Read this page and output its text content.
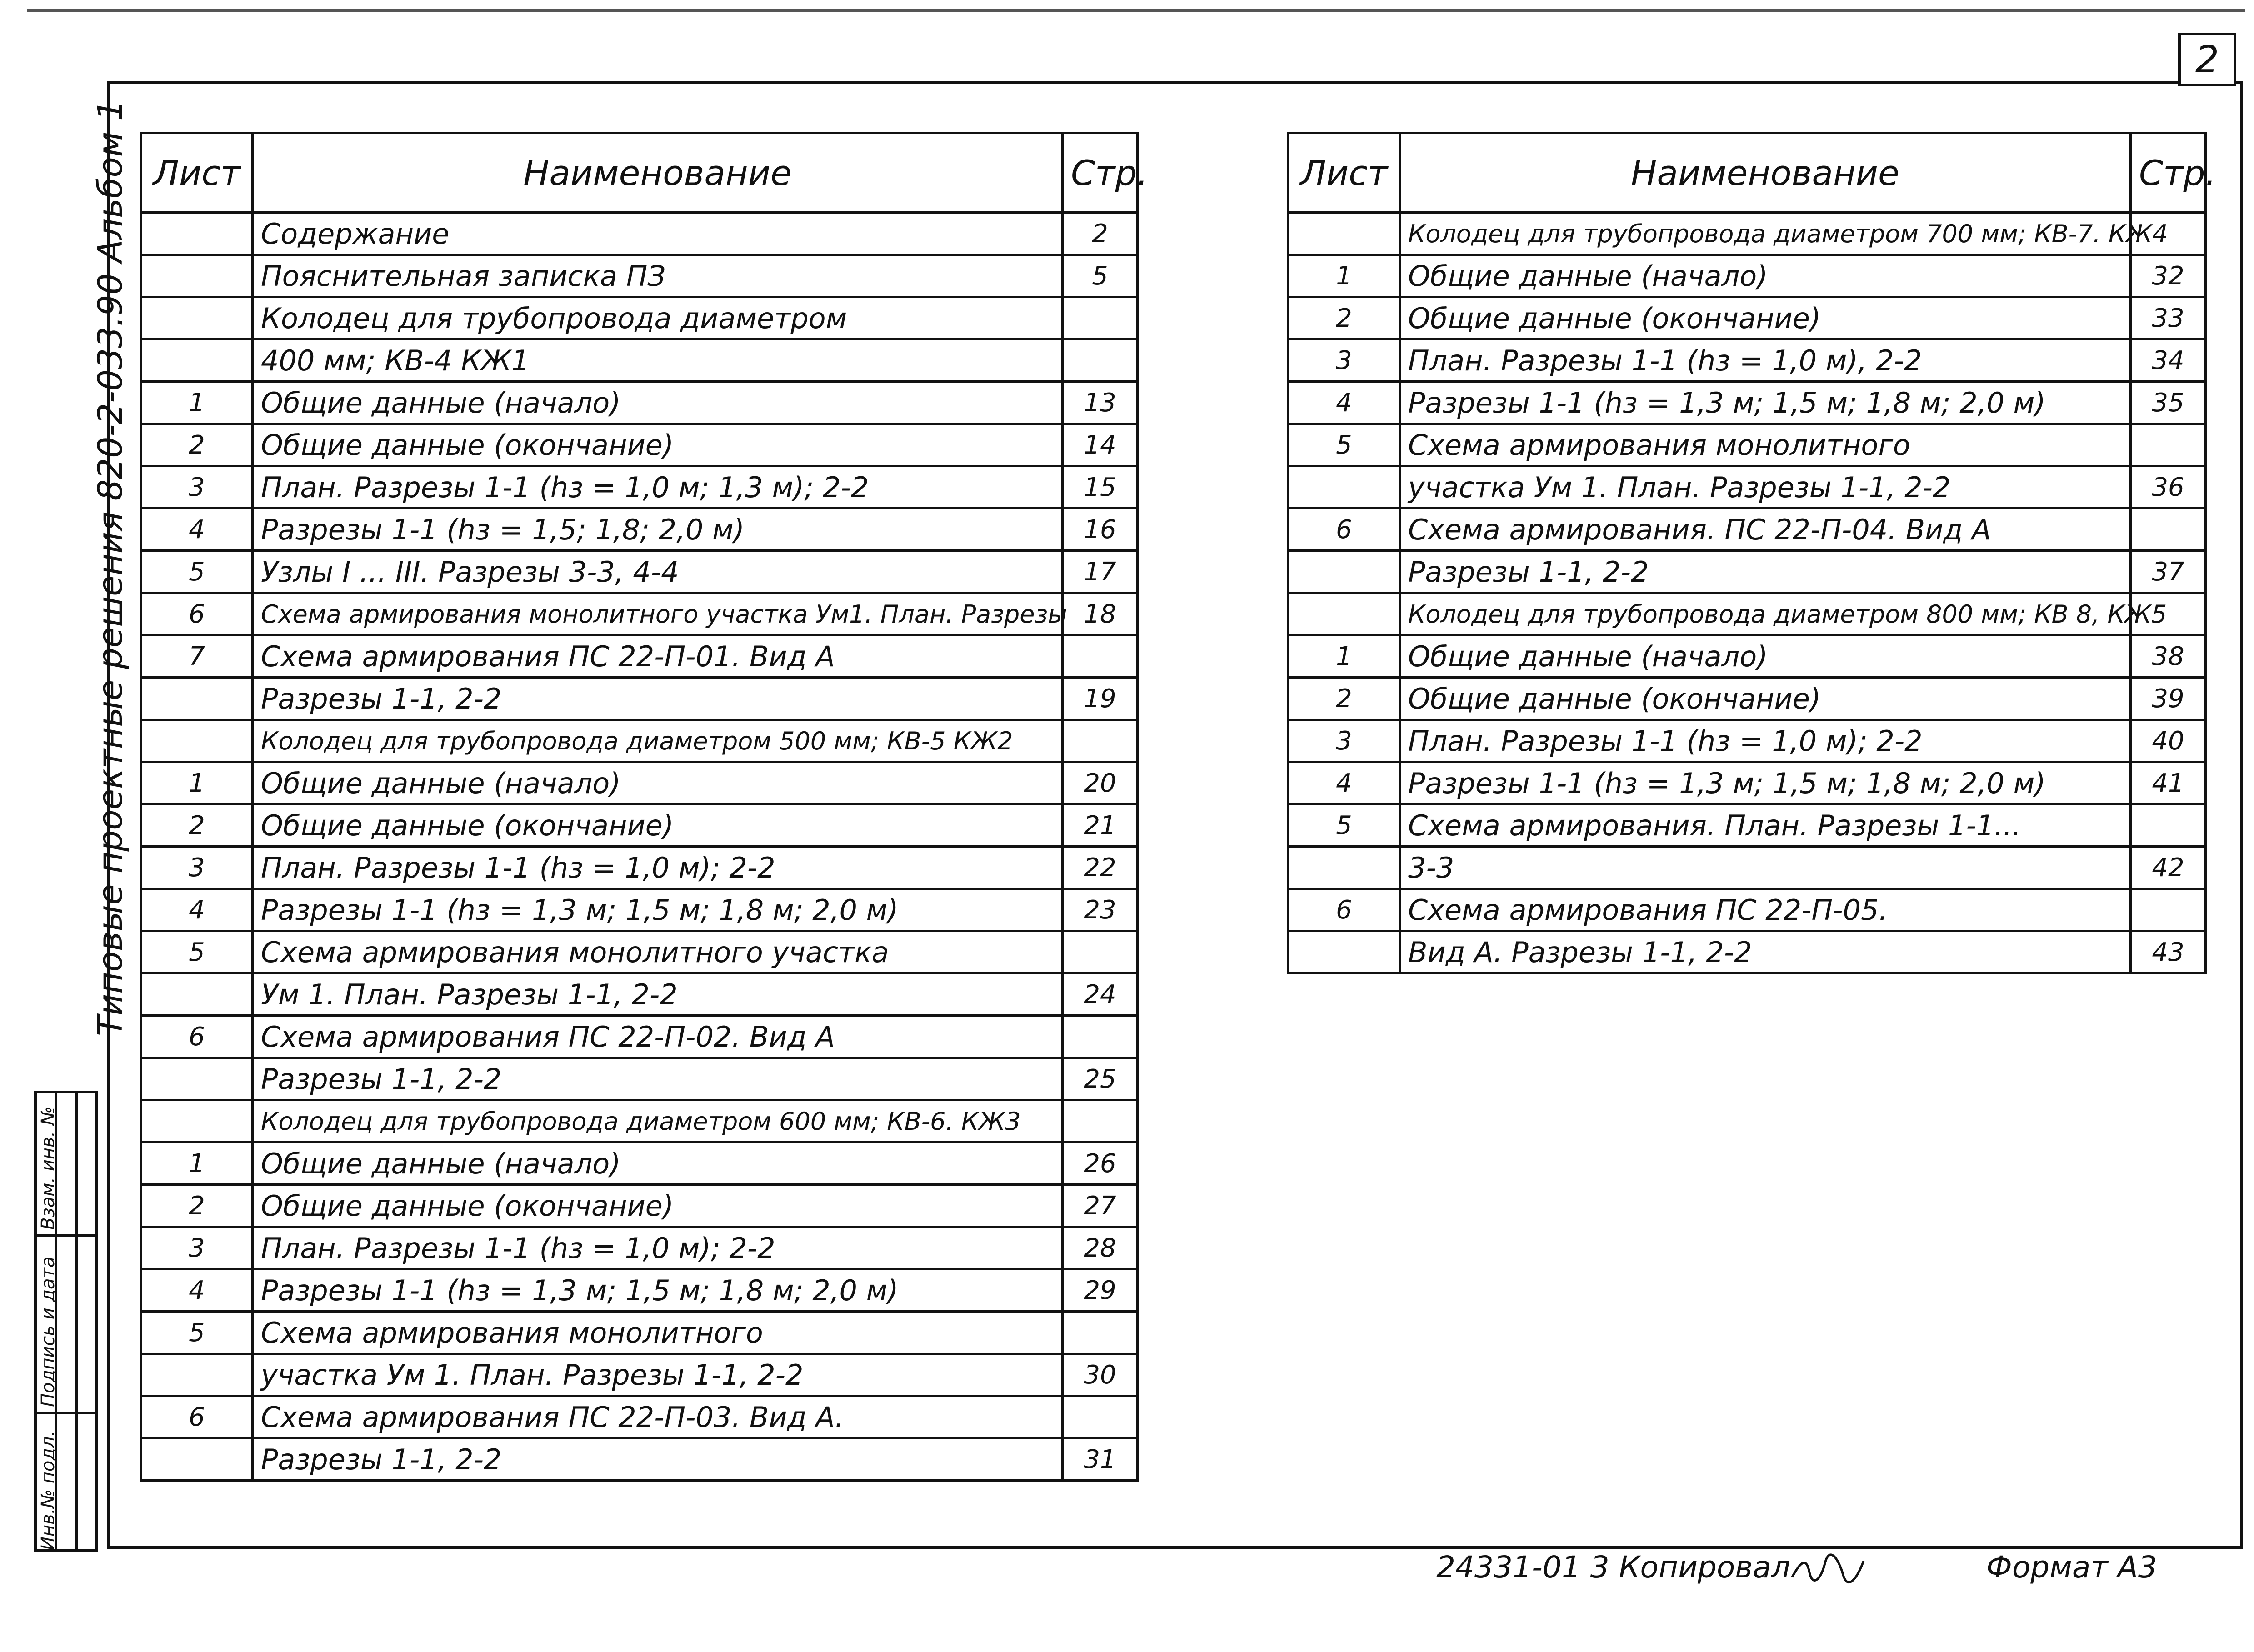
2
Типовые проектные решения 820-2-033.90 Альбом 1
Инв.№ подл.
Подпись и дата
Взам. инв. №
Лист	Наименование	Стр.
	Содержание	2
	Пояснительная записка ПЗ	5
	Колодец для трубопровода диаметром	
	400 мм; КВ-4 КЖ1	
1	Общие данные (начало)	13
2	Общие данные (окончание)	14
3	План. Разрезы 1-1 (hз = 1,0 м; 1,3 м); 2-2	15
4	Разрезы 1-1 (hз = 1,5; 1,8; 2,0 м)	16
5	Узлы I ... III. Разрезы 3-3, 4-4	17
6	Схема армирования монолитного участка Ум1. План. Разрезы	18
7	Схема армирования ПС 22-П-01. Вид А	
	Разрезы 1-1, 2-2	19
	Колодец для трубопровода диаметром 500 мм; КВ-5 КЖ2	
1	Общие данные (начало)	20
2	Общие данные (окончание)	21
3	План. Разрезы 1-1 (hз = 1,0 м); 2-2	22
4	Разрезы 1-1 (hз = 1,3 м; 1,5 м; 1,8 м; 2,0 м)	23
5	Схема армирования монолитного участка	
	Ум 1. План. Разрезы 1-1, 2-2	24
6	Схема армирования ПС 22-П-02. Вид А	
	Разрезы 1-1, 2-2	25
	Колодец для трубопровода диаметром 600 мм; КВ-6. КЖ3	
1	Общие данные (начало)	26
2	Общие данные (окончание)	27
3	План. Разрезы 1-1 (hз = 1,0 м); 2-2	28
4	Разрезы 1-1 (hз = 1,3 м; 1,5 м; 1,8 м; 2,0 м)	29
5	Схема армирования монолитного	
	участка Ум 1. План. Разрезы 1-1, 2-2	30
6	Схема армирования ПС 22-П-03. Вид А.	
	Разрезы 1-1, 2-2	31
Лист	Наименование	Стр.
	Колодец для трубопровода диаметром 700 мм; КВ-7. КЖ4	
1	Общие данные (начало)	32
2	Общие данные (окончание)	33
3	План. Разрезы 1-1 (hз = 1,0 м), 2-2	34
4	Разрезы 1-1 (hз = 1,3 м; 1,5 м; 1,8 м; 2,0 м)	35
5	Схема армирования монолитного	
	участка Ум 1. План. Разрезы 1-1, 2-2	36
6	Схема армирования. ПС 22-П-04. Вид А	
	Разрезы 1-1, 2-2	37
	Колодец для трубопровода диаметром 800 мм; КВ 8, КЖ5	
1	Общие данные (начало)	38
2	Общие данные (окончание)	39
3	План. Разрезы 1-1 (hз = 1,0 м); 2-2	40
4	Разрезы 1-1 (hз = 1,3 м; 1,5 м; 1,8 м; 2,0 м)	41
5	Схема армирования. План. Разрезы 1-1...	
	3-3	42
6	Схема армирования ПС 22-П-05.	
	Вид А. Разрезы 1-1, 2-2	43
24331-01 3 Копировал	Формат А3
